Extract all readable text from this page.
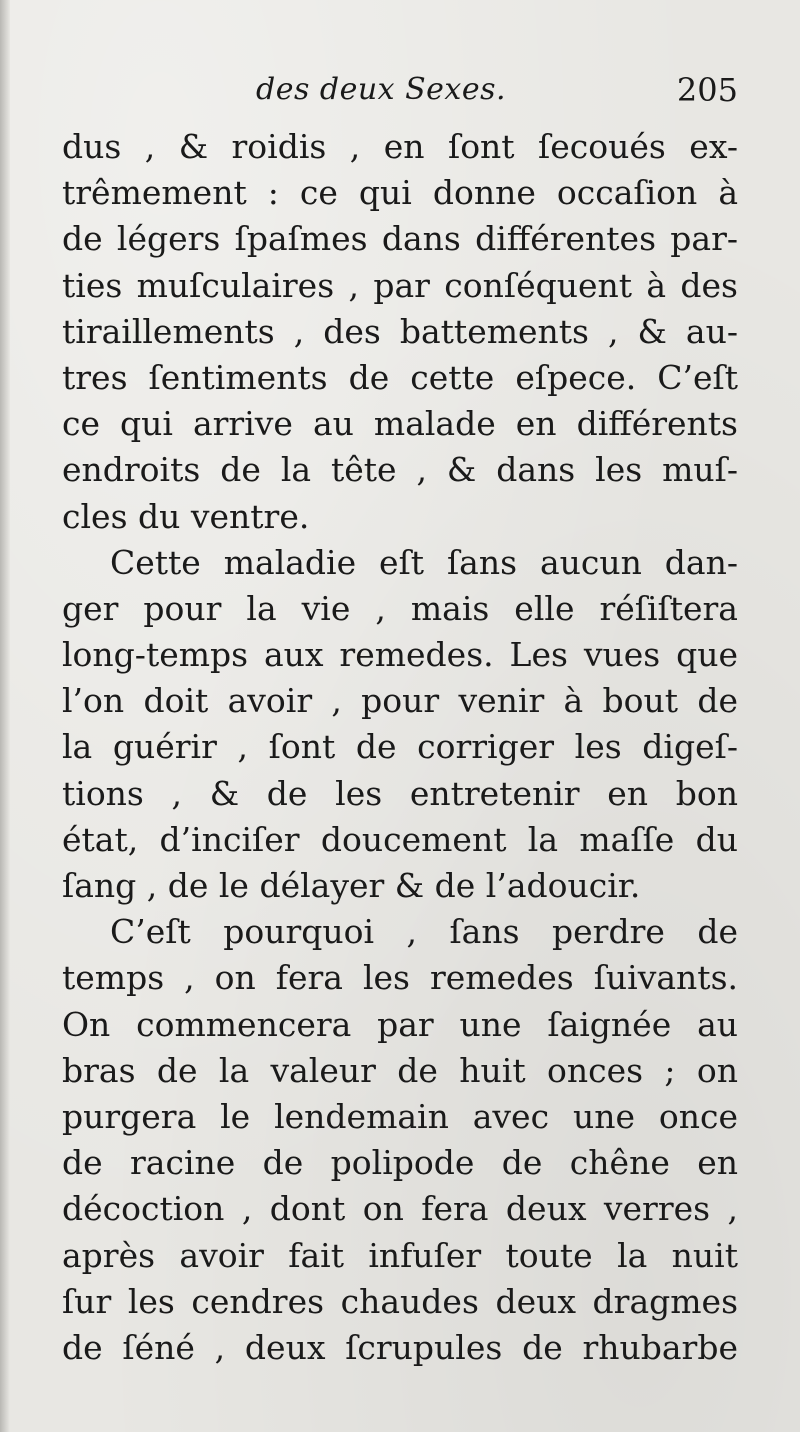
des deux Sexes.	205
dus , & roidis , en ſont ſecoués ex-
trêmement : ce qui donne occaſion à
de légers ſpaſmes dans différentes par-
ties muſculaires , par conſéquent à des
tiraillements , des battements , & au-
tres ſentiments de cette eſpece. C’eſt
ce qui arrive au malade en différents
endroits de la tête , & dans les muſ-
cles du ventre.
Cette maladie eſt ſans aucun dan-
ger pour la vie , mais elle réſiſtera
long-temps aux remedes. Les vues que
l’on doit avoir , pour venir à bout de
la guérir , ſont de corriger les digeſ-
tions , & de les entretenir en bon
état, d’inciſer doucement la maſſe du
ſang , de le délayer & de l’adoucir.
C’eſt pourquoi , ſans perdre de
temps , on fera les remedes ſuivants.
On commencera par une ſaignée au
bras de la valeur de huit onces ; on
purgera le lendemain avec une once
de racine de polipode de chêne en
décoction , dont on fera deux verres ,
après avoir fait infuſer toute la nuit
ſur les cendres chaudes deux dragmes
de ſéné , deux ſcrupules de rhubarbe
